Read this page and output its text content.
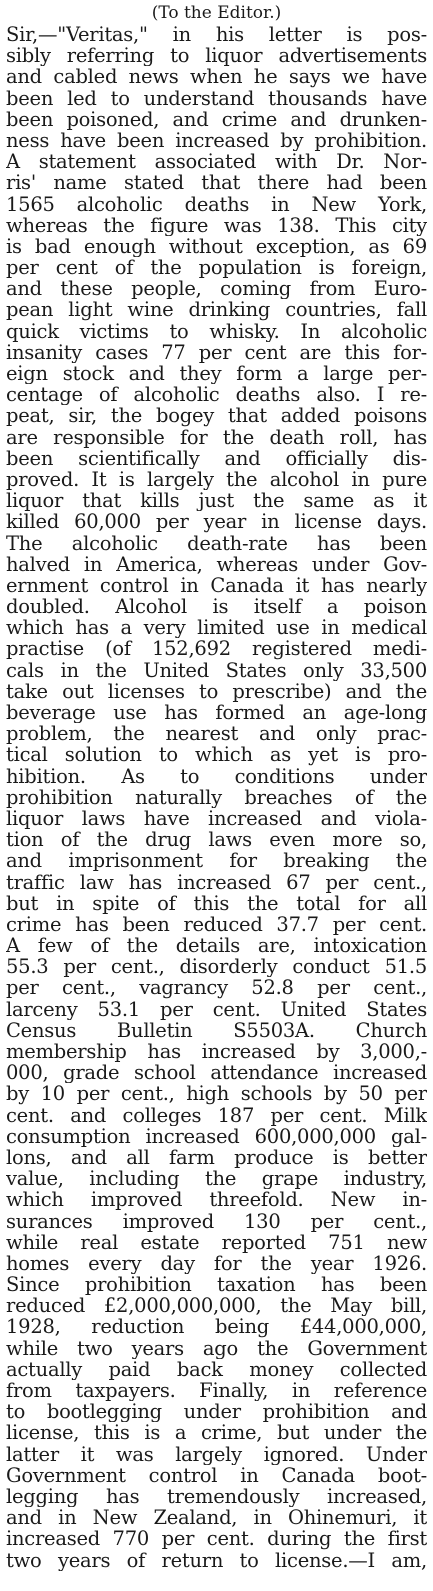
(To the Editor.)
Sir,—"Veritas," in his letter is pos-
sibly referring to liquor advertisements
and cabled news when he says we have
been led to understand thousands have
been poisoned, and crime and drunken-
ness have been increased by prohibition.
A statement associated with Dr. Nor-
ris' name stated that there had been
1565 alcoholic deaths in New York,
whereas the figure was 138. This city
is bad enough without exception, as 69
per cent of the population is foreign,
and these people, coming from Euro-
pean light wine drinking countries, fall
quick victims to whisky. In alcoholic
insanity cases 77 per cent are this for-
eign stock and they form a large per-
centage of alcoholic deaths also. I re-
peat, sir, the bogey that added poisons
are responsible for the death roll, has
been scientifically and officially dis-
proved. It is largely the alcohol in pure
liquor that kills just the same as it
killed 60,000 per year in license days.
The alcoholic death-rate has been
halved in America, whereas under Gov-
ernment control in Canada it has nearly
doubled. Alcohol is itself a poison
which has a very limited use in medical
practise (of 152,692 registered medi-
cals in the United States only 33,500
take out licenses to prescribe) and the
beverage use has formed an age-long
problem, the nearest and only prac-
tical solution to which as yet is pro-
hibition. As to conditions under
prohibition naturally breaches of the
liquor laws have increased and viola-
tion of the drug laws even more so,
and imprisonment for breaking the
traffic law has increased 67 per cent.,
but in spite of this the total for all
crime has been reduced 37.7 per cent.
A few of the details are, intoxication
55.3 per cent., disorderly conduct 51.5
per cent., vagrancy 52.8 per cent.,
larceny 53.1 per cent. United States
Census Bulletin S5503A. Church
membership has increased by 3,000,-
000, grade school attendance increased
by 10 per cent., high schools by 50 per
cent. and colleges 187 per cent. Milk
consumption increased 600,000,000 gal-
lons, and all farm produce is better
value, including the grape industry,
which improved threefold. New in-
surances improved 130 per cent.,
while real estate reported 751 new
homes every day for the year 1926.
Since prohibition taxation has been
reduced £2,000,000,000, the May bill,
1928, reduction being £44,000,000,
while two years ago the Government
actually paid back money collected
from taxpayers. Finally, in reference
to bootlegging under prohibition and
license, this is a crime, but under the
latter it was largely ignored. Under
Government control in Canada boot-
legging has tremendously increased,
and in New Zealand, in Ohinemuri, it
increased 770 per cent. during the first
two years of return to license.—I am,
